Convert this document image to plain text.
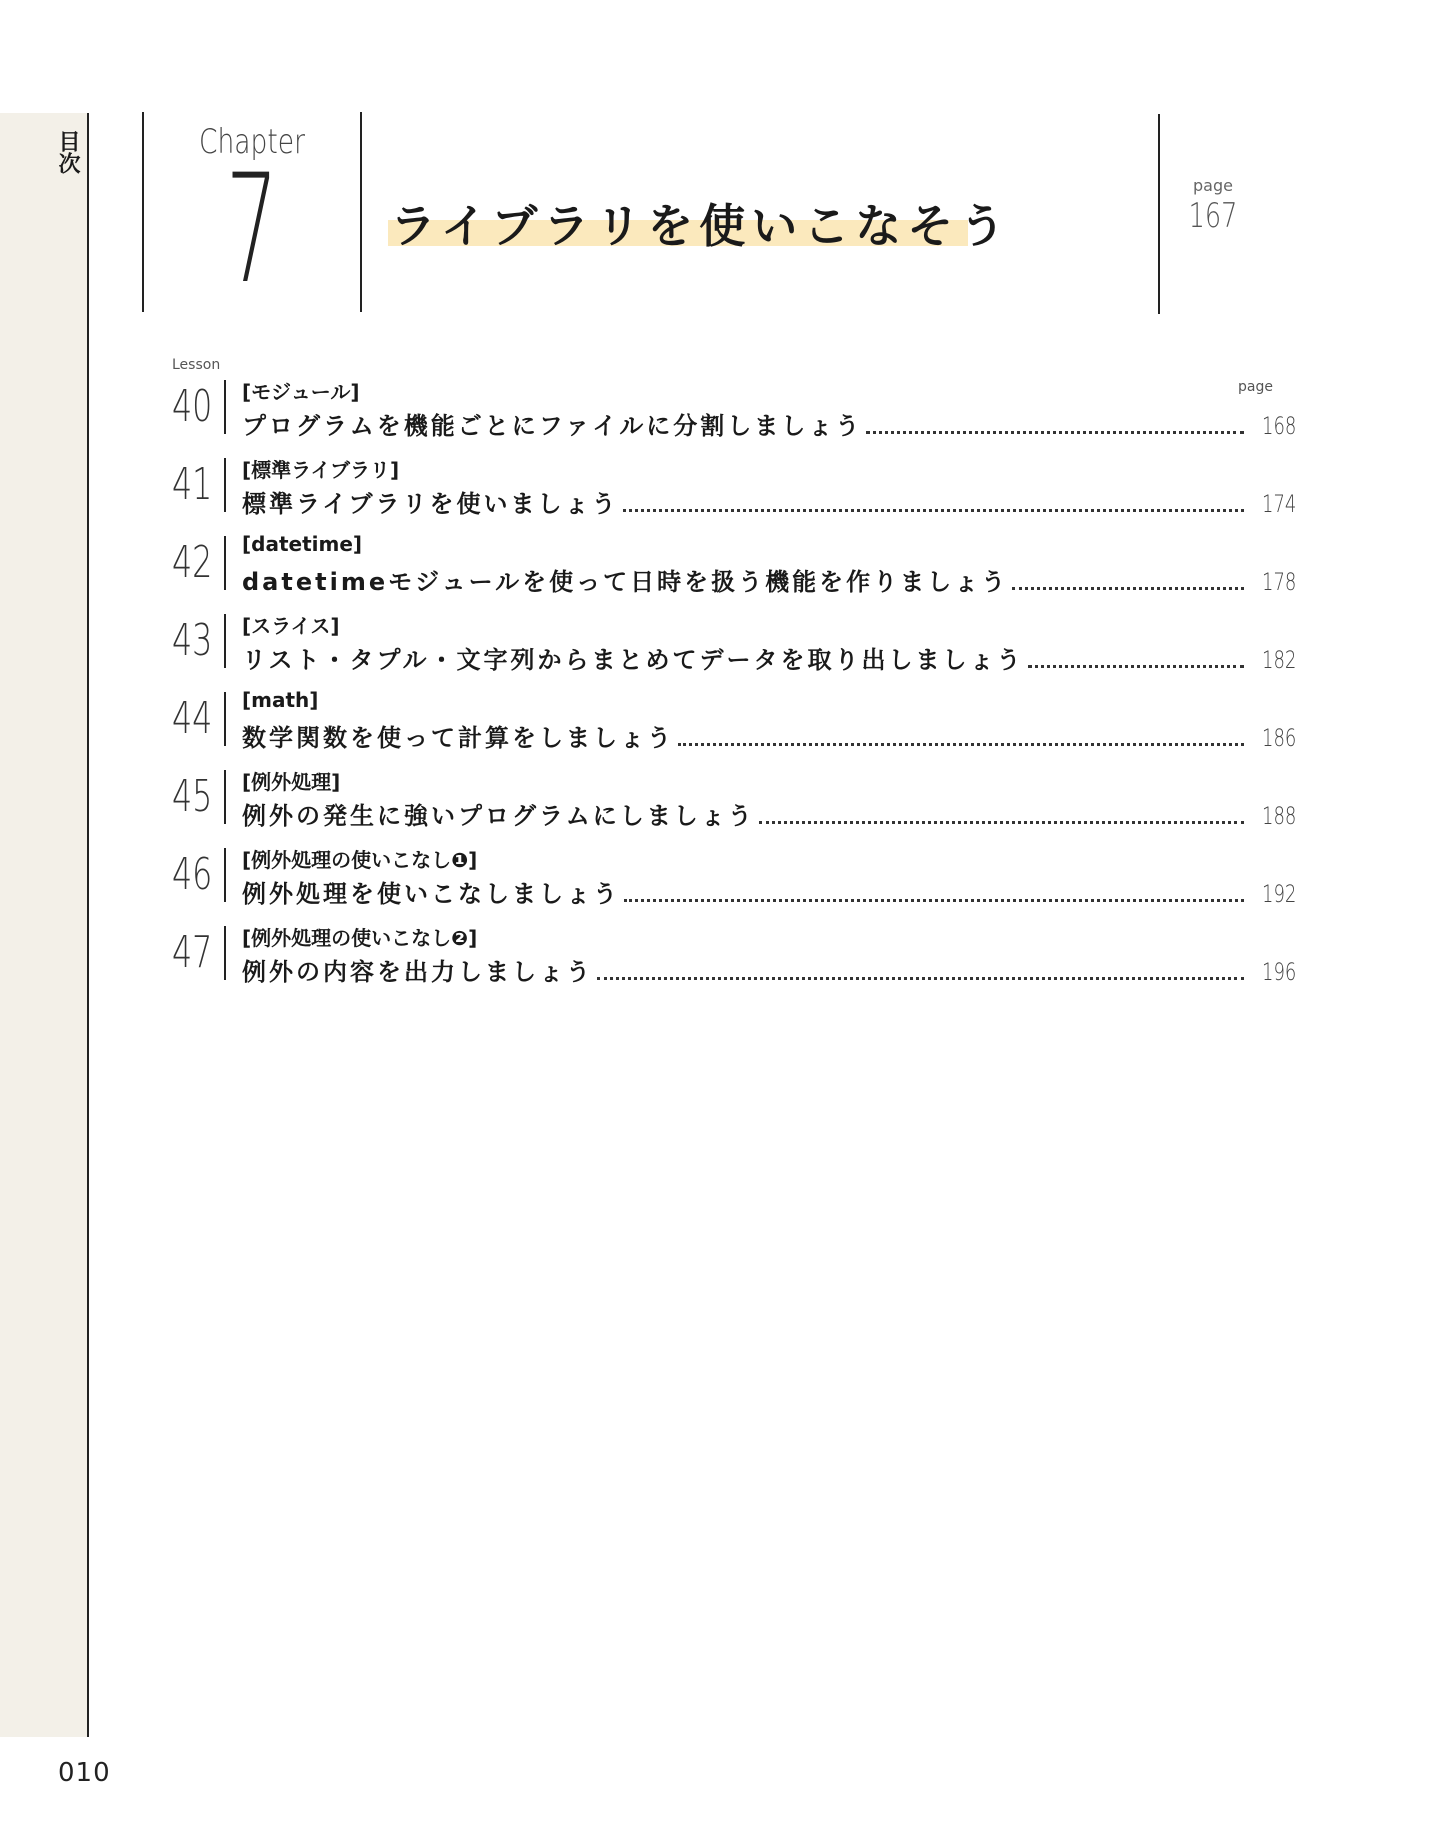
目次
010
Chapter
7	ライブラリを使いこなそう
page
167
Lesson
page
40 [モジュール]
プログラムを機能ごとにファイルに分割しましょう	168
41 [標準ライブラリ]
標準ライブラリを使いましょう	174
42 [datetime]
datetimeモジュールを使って日時を扱う機能を作りましょう	178
43 [スライス]
リスト・タプル・文字列からまとめてデータを取り出しましょう	182
44 [math]
数学関数を使って計算をしましょう	186
45 [例外処理]
例外の発生に強いプログラムにしましょう	188
46 [例外処理の使いこなし❶]
例外処理を使いこなしましょう	192
47 [例外処理の使いこなし❷]
例外の内容を出力しましょう	196
